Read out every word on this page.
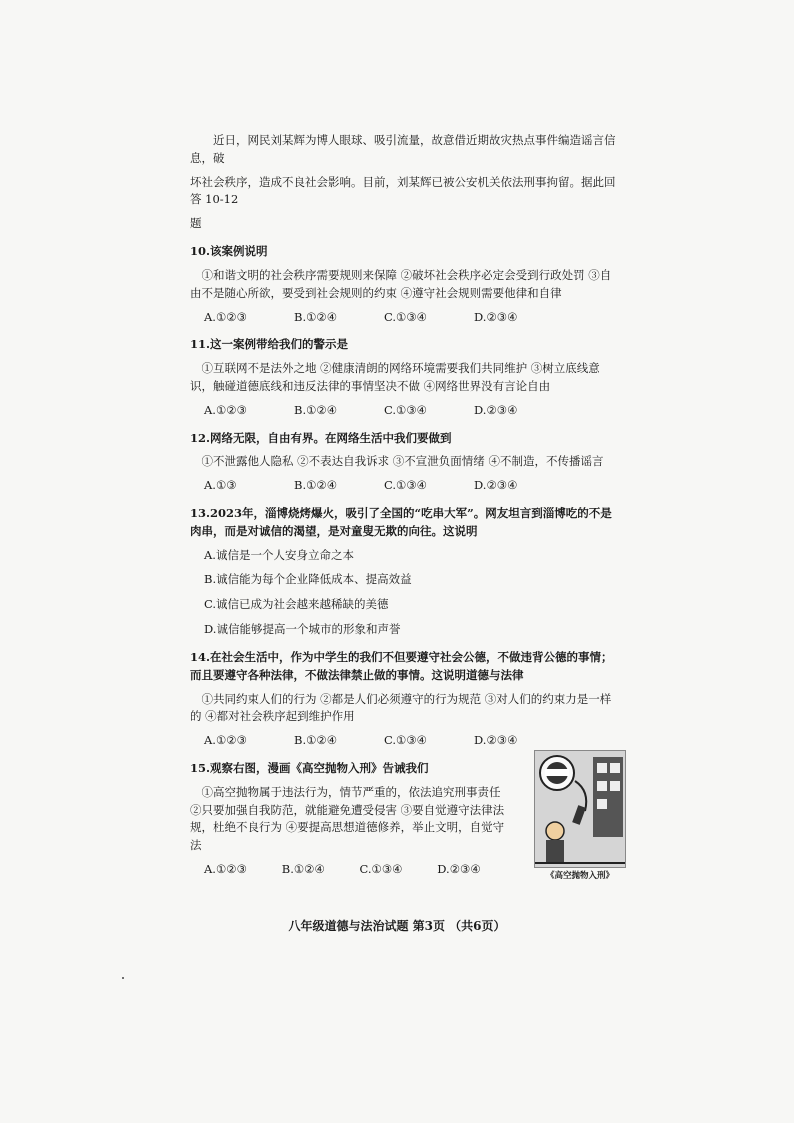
近日，网民刘某辉为博人眼球、吸引流量，故意借近期故灾热点事件编造谣言信息，破

坏社会秩序，造成不良社会影响。目前，刘某辉已被公安机关依法刑事拘留。据此回答 10-12

题

10.该案例说明

①和谐文明的社会秩序需要规则来保障 ②破坏社会秩序必定会受到行政处罚 ③自由不是随心所欲，要受到社会规则的约束 ④遵守社会规则需要他律和自律

A.①②③	B.①②④	C.①③④	D.②③④

11.这一案例带给我们的警示是

①互联网不是法外之地 ②健康清朗的网络环境需要我们共同维护 ③树立底线意识，触碰道德底线和违反法律的事情坚决不做 ④网络世界没有言论自由

A.①②③	B.①②④	C.①③④	D.②③④

12.网络无限，自由有界。在网络生活中我们要做到

①不泄露他人隐私 ②不表达自我诉求 ③不宣泄负面情绪 ④不制造，不传播谣言

A.①③	B.①②④	C.①③④	D.②③④

13.2023年，淄博烧烤爆火，吸引了全国的“吃串大军”。网友坦言到淄博吃的不是肉串，而是对诚信的渴望，是对童叟无欺的向往。这说明

A.诚信是一个人安身立命之本

B.诚信能为每个企业降低成本、提高效益

C.诚信已成为社会越来越稀缺的美德

D.诚信能够提高一个城市的形象和声誉

14.在社会生活中，作为中学生的我们不但要遵守社会公德，不做违背公德的事情；而且要遵守各种法律，不做法律禁止做的事情。这说明道德与法律

①共同约束人们的行为 ②都是人们必须遵守的行为规范 ③对人们的约束力是一样的 ④都对社会秩序起到维护作用

A.①②③	B.①②④	C.①③④	D.②③④

15.观察右图，漫画《高空抛物入刑》告诫我们

①高空抛物属于违法行为，情节严重的，依法追究刑事责任 ②只要加强自我防范，就能避免遭受侵害 ③要自觉遵守法律法规，杜绝不良行为 ④要提高思想道德修养，举止文明，自觉守法

A.①②③	B.①②④	C.①③④	D.②③④	《高空抛物入刑》
八年级道德与法治试题 第3页 （共6页）
